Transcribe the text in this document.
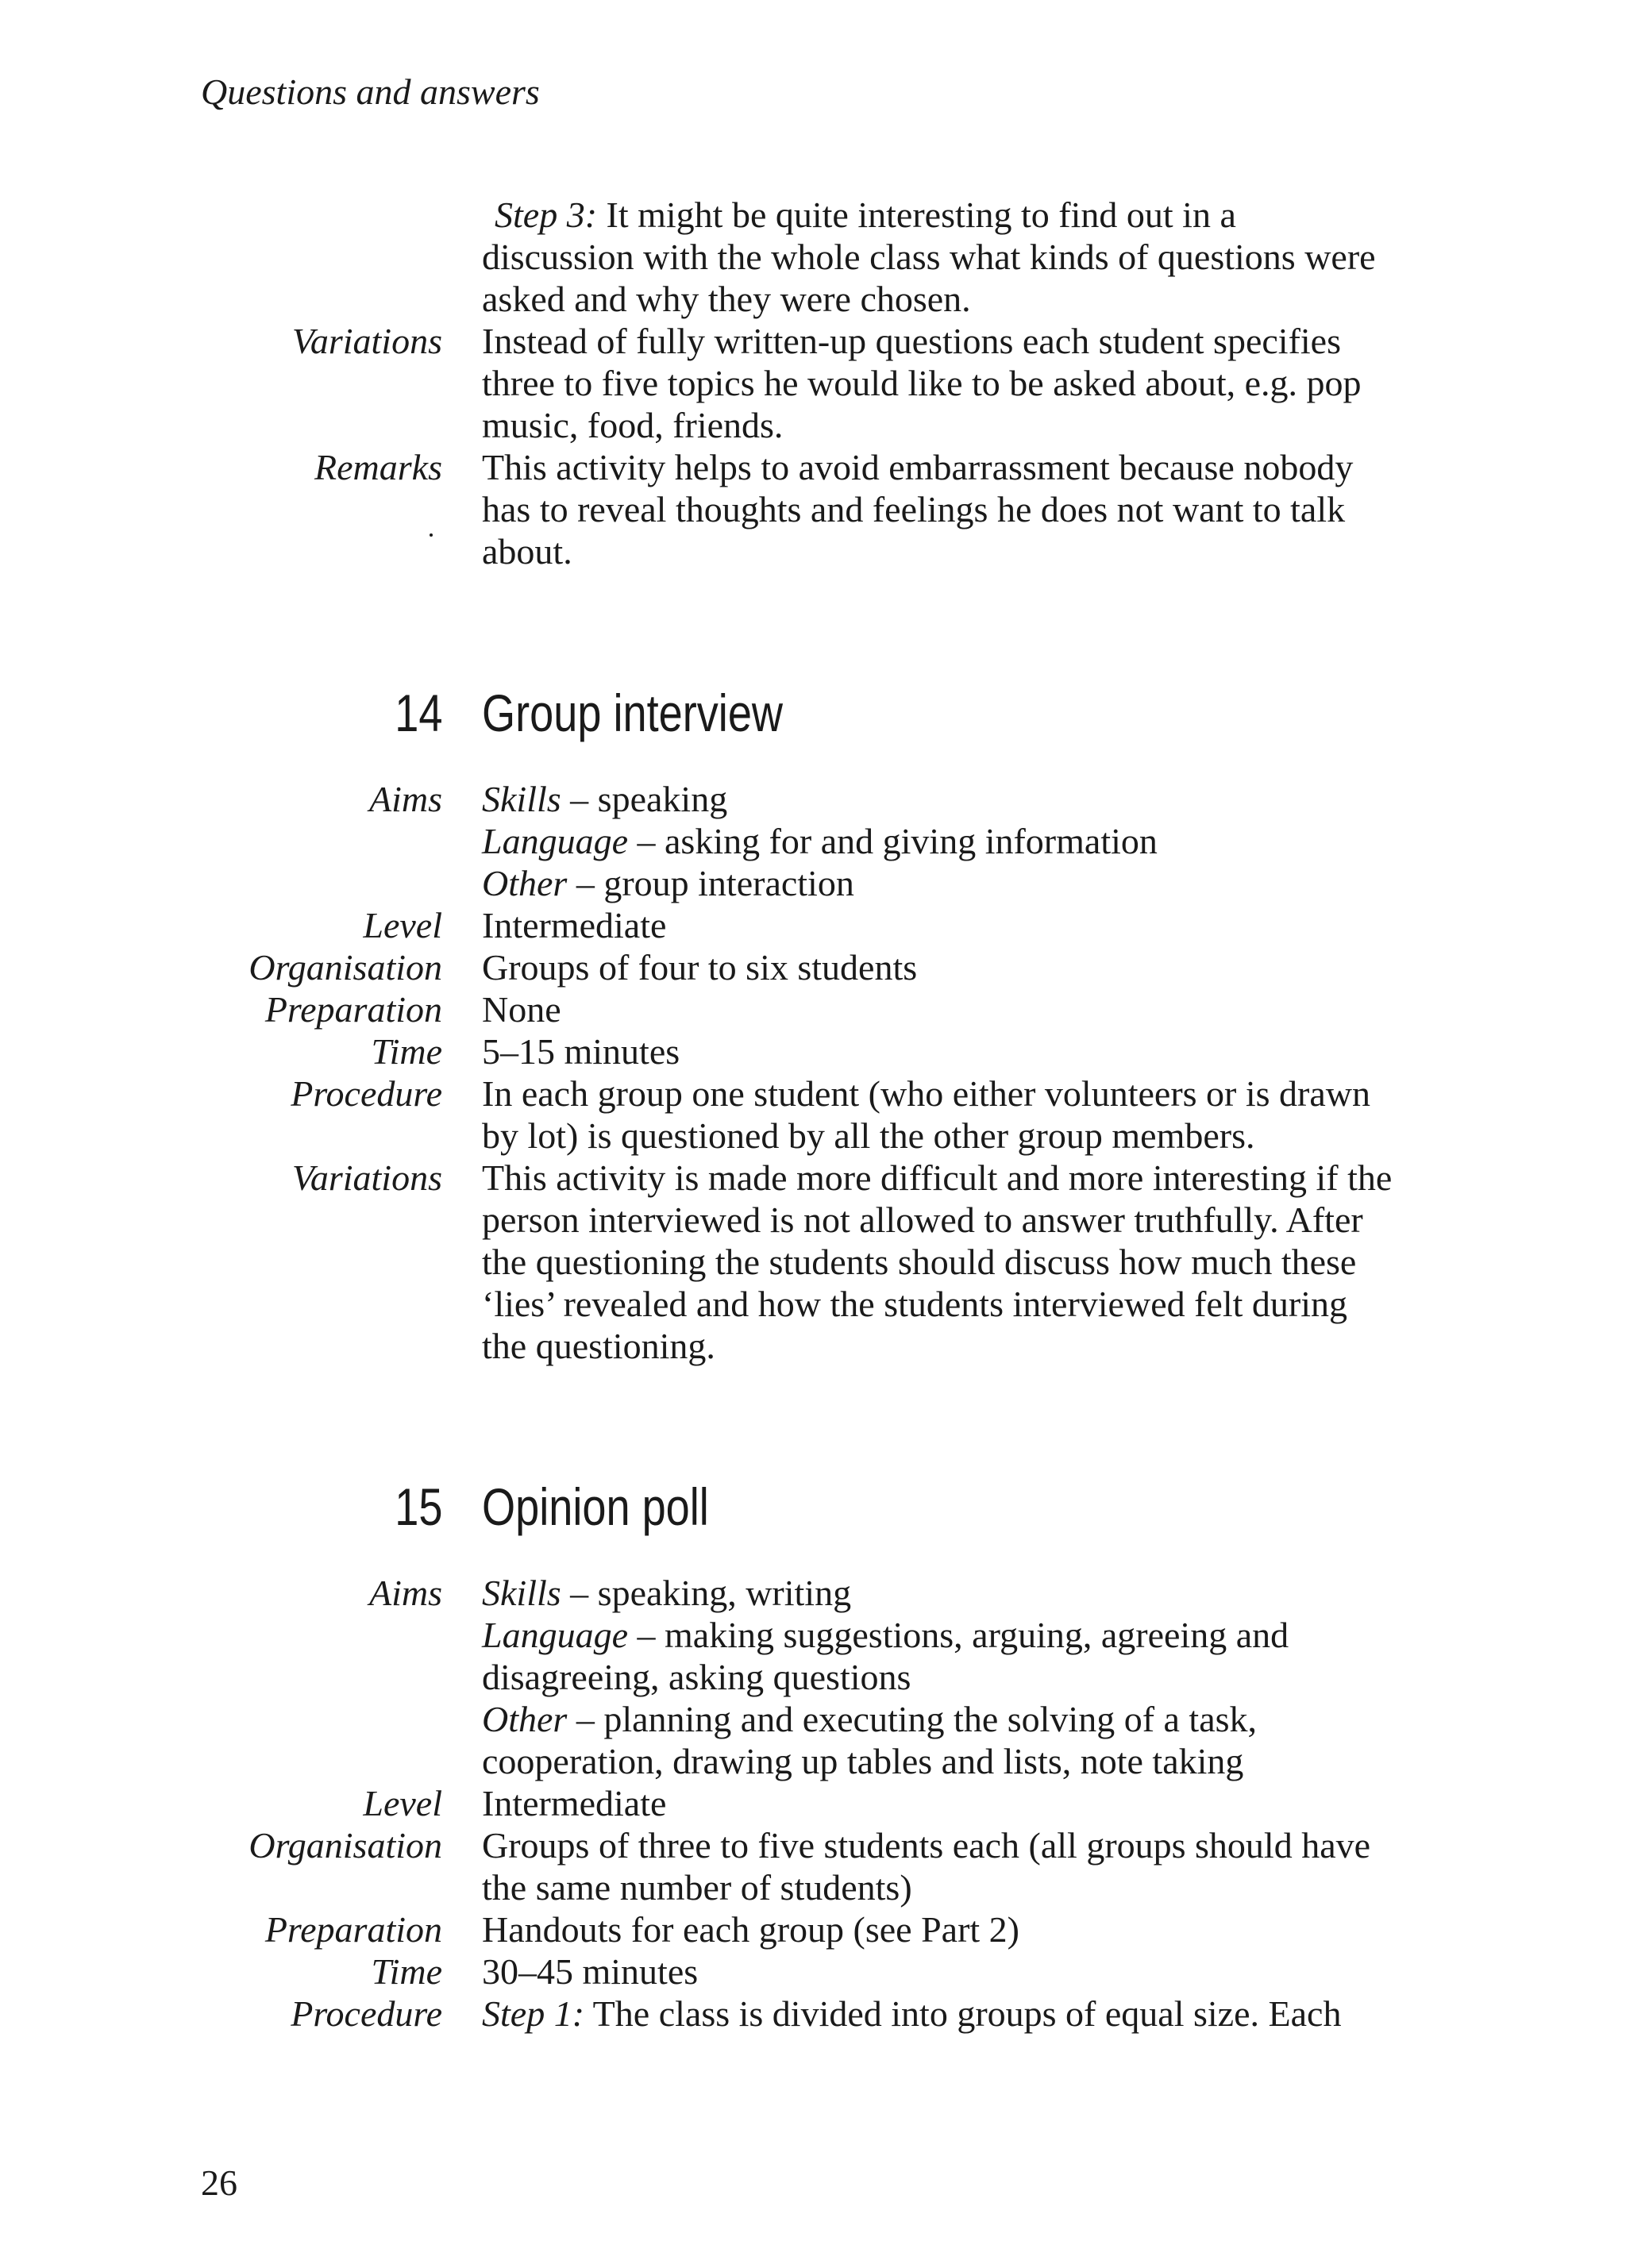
Questions and answers
Step 3: It might be quite interesting to find out in a
discussion with the whole class what kinds of questions were
asked and why they were chosen.
Variations Instead of fully written-up questions each student specifies
three to five topics he would like to be asked about, e.g. pop
music, food, friends.
Remarks This activity helps to avoid embarrassment because nobody
has to reveal thoughts and feelings he does not want to talk
about.
14 Group interview
Aims Skills – speaking
Language – asking for and giving information
Other – group interaction
Level Intermediate
Organisation Groups of four to six students
Preparation None
Time 5–15 minutes
Procedure In each group one student (who either volunteers or is drawn
by lot) is questioned by all the other group members.
Variations This activity is made more difficult and more interesting if the
person interviewed is not allowed to answer truthfully. After
the questioning the students should discuss how much these
‘lies’ revealed and how the students interviewed felt during
the questioning.
15 Opinion poll
Aims Skills – speaking, writing
Language – making suggestions, arguing, agreeing and
disagreeing, asking questions
Other – planning and executing the solving of a task,
cooperation, drawing up tables and lists, note taking
Level Intermediate
Organisation Groups of three to five students each (all groups should have
the same number of students)
Preparation Handouts for each group (see Part 2)
Time 30–45 minutes
Procedure Step 1: The class is divided into groups of equal size. Each
26
